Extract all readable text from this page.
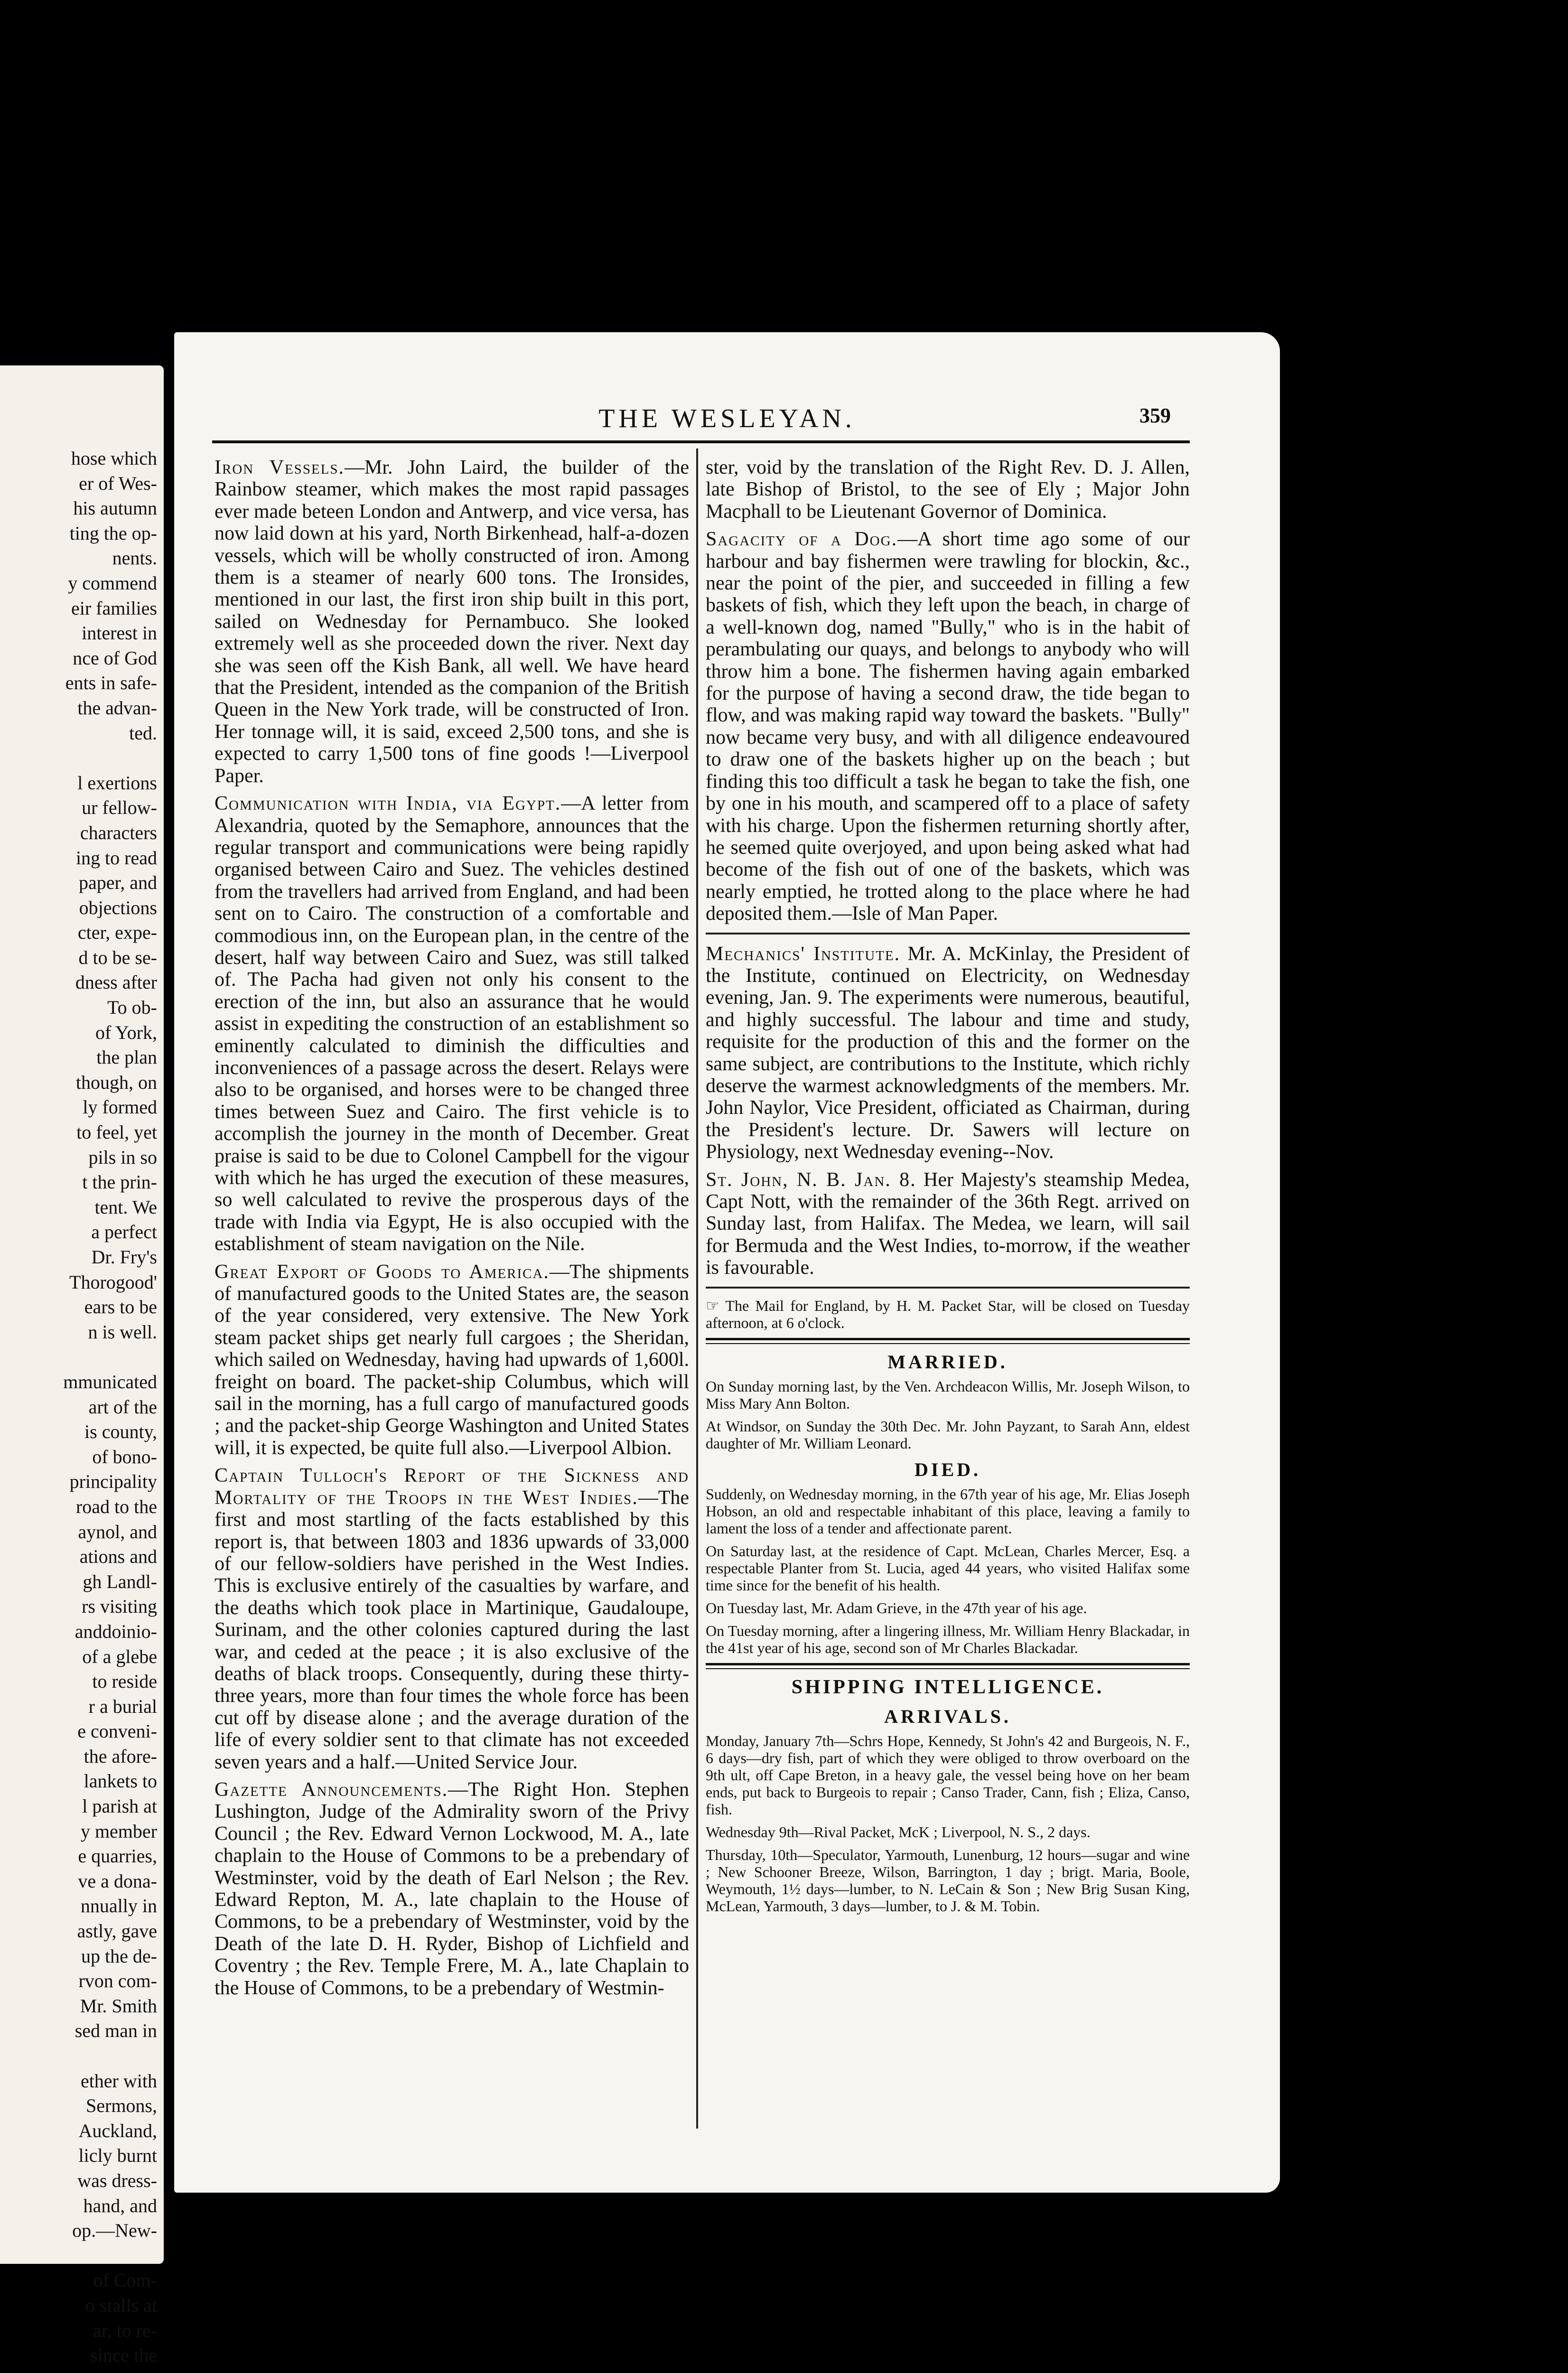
hose which
er of Wes-
his autumn
ting the op-
nents.
y commend
eir families
interest in
nce of God
ents in safe-
the advan-
ted.

l exertions
ur fellow-
characters
ing to read
paper, and
objections
cter, expe-
d to be se-
dness after
To ob-
of York,
the plan
though, on
ly formed
to feel, yet
pils in so
t the prin-
tent. We
a perfect
Dr. Fry's
Thorogood'
ears to be
n is well.

mmunicated
art of the
is county,
of bono-
principality
road to the
aynol, and
ations and
gh Landl-
rs visiting
anddoinio-
of a glebe
to reside
r a burial
e conveni-
the afore-
lankets to
l parish at
y member
e quarries,
ve a dona-
nnually in
astly, gave
up the de-
rvon com-
Mr. Smith
sed man in

ether with
Sermons,
Auckland,
licly burnt
was dress-
hand, and
op.—New-

of Com-
o stalls at
ar, to re-
since the
THE WESLEYAN.	359

Iron Vessels.—Mr. John Laird, the builder of the Rainbow steamer, which makes the most rapid passages ever made beteen London and Antwerp, and vice versa, has now laid down at his yard, North Birkenhead, half-a-dozen vessels, which will be wholly constructed of iron. Among them is a steamer of nearly 600 tons. The Ironsides, mentioned in our last, the first iron ship built in this port, sailed on Wednesday for Pernambuco. She looked extremely well as she proceeded down the river. Next day she was seen off the Kish Bank, all well. We have heard that the President, intended as the companion of the British Queen in the New York trade, will be constructed of Iron. Her tonnage will, it is said, exceed 2,500 tons, and she is expected to carry 1,500 tons of fine goods !—Liverpool Paper.

Communication with India, via Egypt.—A letter from Alexandria, quoted by the Semaphore, announces that the regular transport and communications were being rapidly organised between Cairo and Suez. The vehicles destined from the travellers had arrived from England, and had been sent on to Cairo. The construction of a comfortable and commodious inn, on the European plan, in the centre of the desert, half way between Cairo and Suez, was still talked of. The Pacha had given not only his consent to the erection of the inn, but also an assurance that he would assist in expediting the construction of an establishment so eminently calculated to diminish the difficulties and inconveniences of a passage across the desert. Relays were also to be organised, and horses were to be changed three times between Suez and Cairo. The first vehicle is to accomplish the journey in the month of December. Great praise is said to be due to Colonel Campbell for the vigour with which he has urged the execution of these measures, so well calculated to revive the prosperous days of the trade with India via Egypt, He is also occupied with the establishment of steam navigation on the Nile.

Great Export of Goods to America.—The shipments of manufactured goods to the United States are, the season of the year considered, very extensive. The New York steam packet ships get nearly full cargoes ; the Sheridan, which sailed on Wednesday, having had upwards of 1,600l. freight on board. The packet-ship Columbus, which will sail in the morning, has a full cargo of manufactured goods ; and the packet-ship George Washington and United States will, it is expected, be quite full also.—Liverpool Albion.

Captain Tulloch's Report of the Sickness and Mortality of the Troops in the West Indies.—The first and most startling of the facts established by this report is, that between 1803 and 1836 upwards of 33,000 of our fellow-soldiers have perished in the West Indies. This is exclusive entirely of the casualties by warfare, and the deaths which took place in Martinique, Gaudaloupe, Surinam, and the other colonies captured during the last war, and ceded at the peace ; it is also exclusive of the deaths of black troops. Consequently, during these thirty-three years, more than four times the whole force has been cut off by disease alone ; and the average duration of the life of every soldier sent to that climate has not exceeded seven years and a half.—United Service Jour.

Gazette Announcements.—The Right Hon. Stephen Lushington, Judge of the Admirality sworn of the Privy Council ; the Rev. Edward Vernon Lockwood, M. A., late chaplain to the House of Commons to be a prebendary of Westminster, void by the death of Earl Nelson ; the Rev. Edward Repton, M. A., late chaplain to the House of Commons, to be a prebendary of Westminster, void by the Death of the late D. H. Ryder, Bishop of Lichfield and Coventry ; the Rev. Temple Frere, M. A., late Chaplain to the House of Commons, to be a prebendary of Westmin-

ster, void by the translation of the Right Rev. D. J. Allen, late Bishop of Bristol, to the see of Ely ; Major John Macphall to be Lieutenant Governor of Dominica.

Sagacity of a Dog.—A short time ago some of our harbour and bay fishermen were trawling for blockin, &c., near the point of the pier, and succeeded in filling a few baskets of fish, which they left upon the beach, in charge of a well-known dog, named "Bully," who is in the habit of perambulating our quays, and belongs to anybody who will throw him a bone. The fishermen having again embarked for the purpose of having a second draw, the tide began to flow, and was making rapid way toward the baskets. "Bully" now became very busy, and with all diligence endeavoured to draw one of the baskets higher up on the beach ; but finding this too difficult a task he began to take the fish, one by one in his mouth, and scampered off to a place of safety with his charge. Upon the fishermen returning shortly after, he seemed quite overjoyed, and upon being asked what had become of the fish out of one of the baskets, which was nearly emptied, he trotted along to the place where he had deposited them.—Isle of Man Paper.

Mechanics' Institute. Mr. A. McKinlay, the President of the Institute, continued on Electricity, on Wednesday evening, Jan. 9. The experiments were numerous, beautiful, and highly successful. The labour and time and study, requisite for the production of this and the former on the same subject, are contributions to the Institute, which richly deserve the warmest acknowledgments of the members. Mr. John Naylor, Vice President, officiated as Chairman, during the President's lecture. Dr. Sawers will lecture on Physiology, next Wednesday evening--Nov.

St. John, N. B. Jan. 8. Her Majesty's steamship Medea, Capt Nott, with the remainder of the 36th Regt. arrived on Sunday last, from Halifax. The Medea, we learn, will sail for Bermuda and the West Indies, to-morrow, if the weather is favourable.

☞ The Mail for England, by H. M. Packet Star, will be closed on Tuesday afternoon, at 6 o'clock.

MARRIED.

On Sunday morning last, by the Ven. Archdeacon Willis, Mr. Joseph Wilson, to Miss Mary Ann Bolton.

At Windsor, on Sunday the 30th Dec. Mr. John Payzant, to Sarah Ann, eldest daughter of Mr. William Leonard.

DIED.

Suddenly, on Wednesday morning, in the 67th year of his age, Mr. Elias Joseph Hobson, an old and respectable inhabitant of this place, leaving a family to lament the loss of a tender and affectionate parent.

On Saturday last, at the residence of Capt. McLean, Charles Mercer, Esq. a respectable Planter from St. Lucia, aged 44 years, who visited Halifax some time since for the benefit of his health.

On Tuesday last, Mr. Adam Grieve, in the 47th year of his age.

On Tuesday morning, after a lingering illness, Mr. William Henry Blackadar, in the 41st year of his age, second son of Mr Charles Blackadar.

SHIPPING INTELLIGENCE.
ARRIVALS.

Monday, January 7th—Schrs Hope, Kennedy, St John's 42 and Burgeois, N. F., 6 days—dry fish, part of which they were obliged to throw overboard on the 9th ult, off Cape Breton, in a heavy gale, the vessel being hove on her beam ends, put back to Burgeois to repair ; Canso Trader, Cann, fish ; Eliza, Canso, fish.

Wednesday 9th—Rival Packet, McK ; Liverpool, N. S., 2 days.

Thursday, 10th—Speculator, Yarmouth, Lunenburg, 12 hours—sugar and wine ; New Schooner Breeze, Wilson, Barrington, 1 day ; brigt. Maria, Boole, Weymouth, 1½ days—lumber, to N. LeCain & Son ; New Brig Susan King, McLean, Yarmouth, 3 days—lumber, to J. & M. Tobin.
